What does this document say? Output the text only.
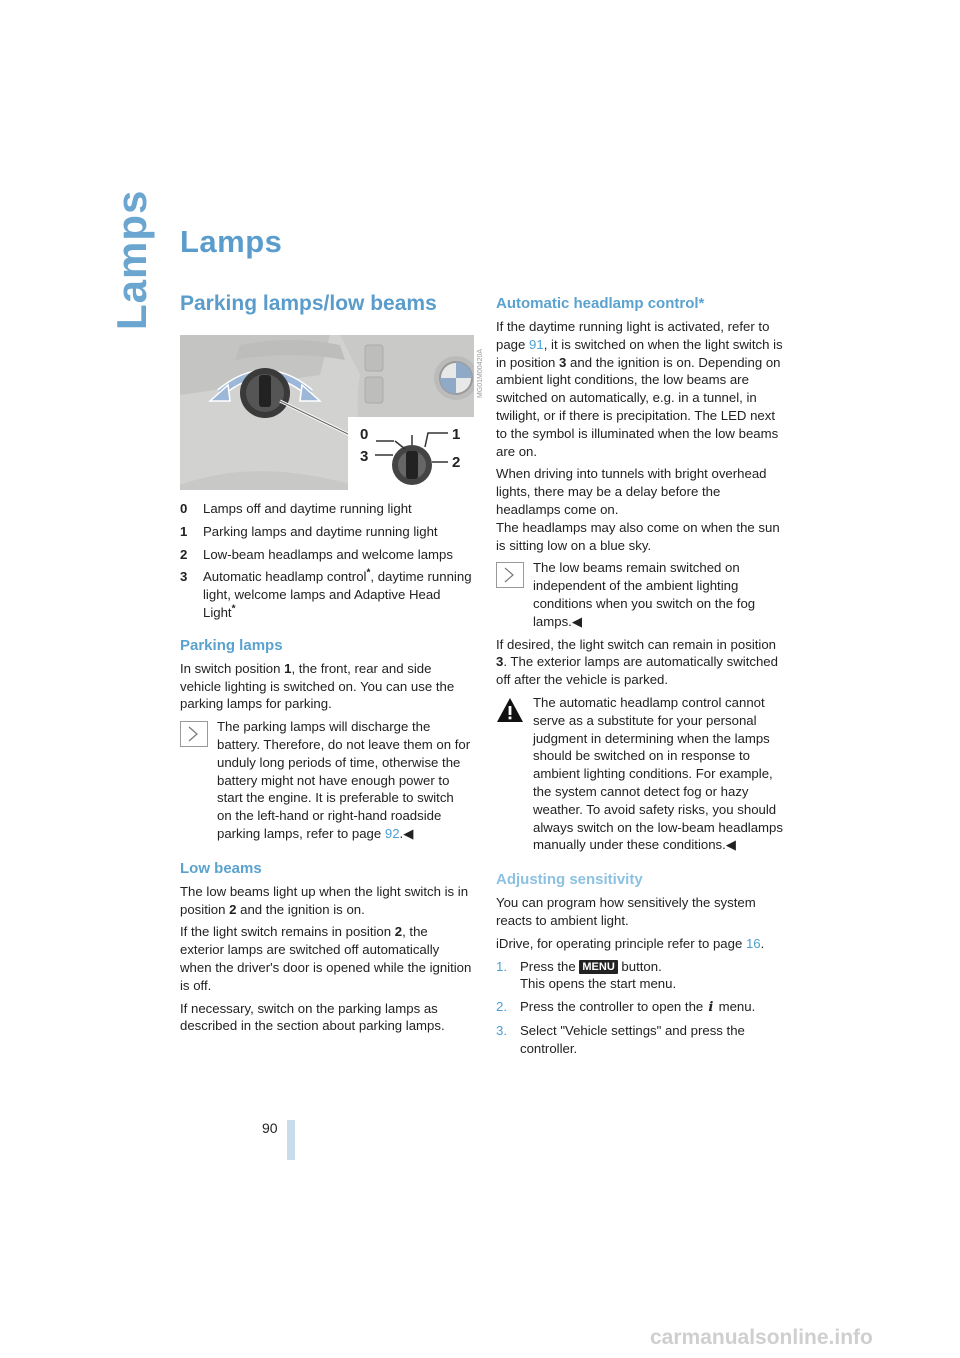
Lamps Lamps
Parking lamps/low beams
0	1
2
3
MG01M00420A
0	Lamps off and daytime running light
1	Parking lamps and daytime running light
2	Low-beam headlamps and welcome lamps
3	Automatic headlamp control*, daytime running light, welcome lamps and Adaptive Head Light*
Parking lamps

In switch position 1, the front, rear and side vehicle lighting is switched on. You can use the parking lamps for parking.

The parking lamps will discharge the battery. Therefore, do not leave them on for unduly long periods of time, otherwise the battery might not have enough power to start the engine. It is preferable to switch on the left-hand or right-hand roadside parking lamps, refer to page 92.◀
Low beams

The low beams light up when the light switch is in position 2 and the ignition is on.

If the light switch remains in position 2, the exterior lamps are switched off automatically when the driver's door is opened while the ignition is off.

If necessary, switch on the parking lamps as described in the section about parking lamps.

Automatic headlamp control*

If the daytime running light is activated, refer to page 91, it is switched on when the light switch is in position 3 and the ignition is on. Depending on ambient light conditions, the low beams are switched on automatically, e.g. in a tunnel, in twilight, or if there is precipitation. The LED next to the symbol is illuminated when the low beams are on.

When driving into tunnels with bright overhead lights, there may be a delay before the headlamps come on.

The headlamps may also come on when the sun is sitting low on a blue sky.

The low beams remain switched on independent of the ambient lighting conditions when you switch on the fog lamps.◀

If desired, the light switch can remain in position 3. The exterior lamps are automatically switched off after the vehicle is parked.

The automatic headlamp control cannot serve as a substitute for your personal judgment in determining when the lamps should be switched on in response to ambient lighting conditions. For example, the system cannot detect fog or hazy weather. To avoid safety risks, you should always switch on the low-beam headlamps manually under these conditions.◀
Adjusting sensitivity

You can program how sensitively the system reacts to ambient light.

iDrive, for operating principle refer to page 16.

1. Press the MENU button.
This opens the start menu.
2. Press the controller to open the i menu.
3. Select "Vehicle settings" and press the controller.
90
carmanualsonline.info
